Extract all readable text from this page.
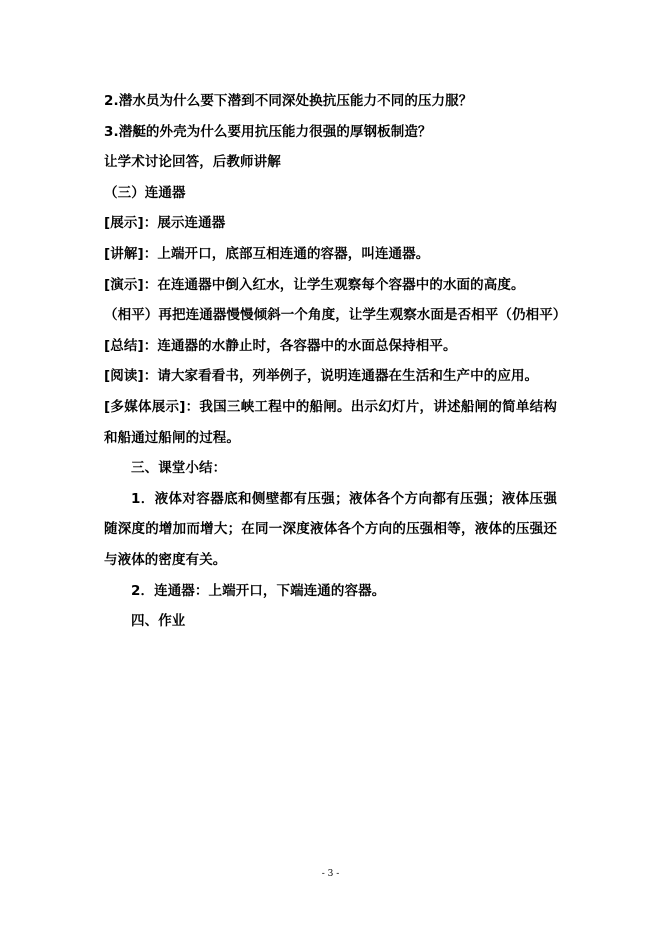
2.潜水员为什么要下潜到不同深处换抗压能力不同的压力服？
3.潜艇的外壳为什么要用抗压能力很强的厚钢板制造？
让学术讨论回答，后教师讲解
（三）连通器
[展示]：展示连通器
[讲解]：上端开口，底部互相连通的容器，叫连通器。
[演示]：在连通器中倒入红水，让学生观察每个容器中的水面的高度。
（相平）再把连通器慢慢倾斜一个角度，让学生观察水面是否相平（仍相平）
[总结]：连通器的水静止时，各容器中的水面总保持相平。
[阅读]：请大家看看书，列举例子，说明连通器在生活和生产中的应用。
[多媒体展示]：我国三峡工程中的船闸。出示幻灯片，讲述船闸的简单结构和船通过船闸的过程。
三、课堂小结：
1．液体对容器底和侧壁都有压强；液体各个方向都有压强；液体压强随深度的增加而增大；在同一深度液体各个方向的压强相等，液体的压强还与液体的密度有关。
2．连通器：上端开口，下端连通的容器。
四、作业
- 3 -
